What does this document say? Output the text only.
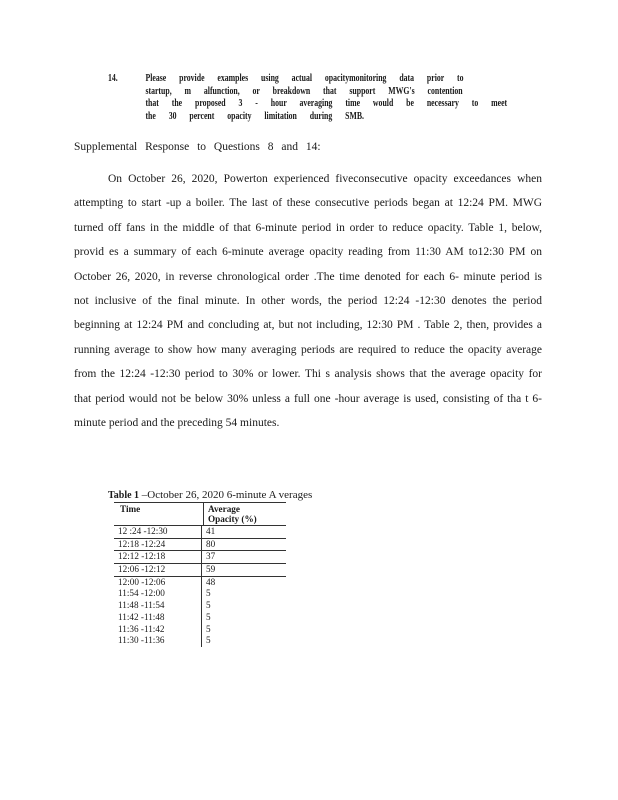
14.	Please provide examples using actual opacitymonitoring data prior to
startup, m alfunction, or breakdown that support MWG's contention
that the proposed 3 - hour averaging time would be necessary to meet
the 30 percent opacity limitation during SMB.
Supplemental Response to Questions 8 and 14:
On October 26, 2020, Powerton experienced fiveconsecutive opacity exceedances when
attempting to start -up a boiler. The last of these consecutive periods began at 12:24 PM. MWG
turned off fans in the middle of that 6-minute period in order to reduce opacity. Table 1, below,
provid es a summary of each 6-minute average opacity reading from 11:30 AM to12:30 PM on
October 26, 2020, in reverse chronological order .The time denoted for each 6- minute period is
not inclusive of the final minute. In other words, the period 12:24 -12:30 denotes the period
beginning at 12:24 PM and concluding at, but not including, 12:30 PM . Table 2, then, provides a
running average to show how many averaging periods are required to reduce the opacity average
from the 12:24 -12:30 period to 30% or lower. Thi s analysis shows that the average opacity for
that period would not be below 30% unless a full one -hour average is used, consisting of tha t 6-
minute period and the preceding 54 minutes.
Table 1 –October 26, 2020 6-minute A verages
Time	Average
Opacity (%)
12 :24 -12:30	41
12:18 -12:24	80
12:12 -12:18	37
12:06 -12:12	59
12:00 -12:06	48
11:54 -12:00	5
11:48 -11:54	5
11:42 -11:48	5
11:36 -11:42	5
11:30 -11:36	5
